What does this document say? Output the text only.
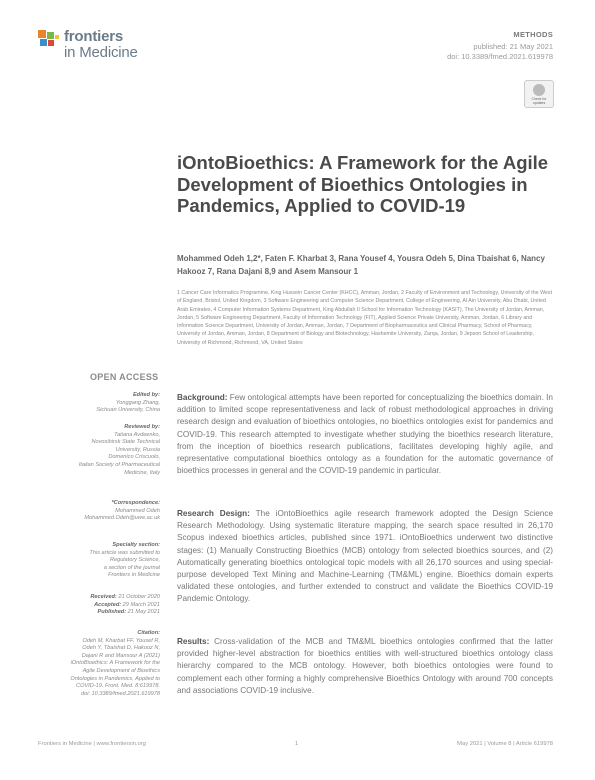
frontiers
in Medicine
METHODS
published: 21 May 2021
doi: 10.3389/fmed.2021.619978
Check for updates
iOntoBioethics: A Framework for the Agile Development of Bioethics Ontologies in Pandemics, Applied to COVID-19
Mohammed Odeh 1,2*, Faten F. Kharbat 3, Rana Yousef 4, Yousra Odeh 5, Dina Tbaishat 6, Nancy Hakooz 7, Rana Dajani 8,9 and Asem Mansour 1
1 Cancer Care Informatics Programme, King Hussein Cancer Center (KHCC), Amman, Jordan, 2 Faculty of Environment and Technology, University of the West of England, Bristol, United Kingdom, 3 Software Engineering and Computer Science Department, College of Engineering, Al Ain University, Abu Dhabi, United Arab Emirates, 4 Computer Information Systems Department, King Abdullah II School for Information Technology (KASIT), The University of Jordan, Amman, Jordan, 5 Software Engineering Department, Faculty of Information Technology (FIT), Applied Science Private University, Amman, Jordan, 6 Library and Information Science Department, University of Jordan, Amman, Jordan, 7 Department of Biopharmaceutics and Clinical Pharmacy, School of Pharmacy, University of Jordan, Amman, Jordan, 8 Department of Biology and Biotechnology, Hashemite University, Zarqa, Jordan, 9 Jepson School of Leadership, University of Richmond, Richmond, VA, United States
OPEN ACCESS
Edited by:
Yonggang Zhang,
Sichuan University, China
Reviewed by:
Tatiana Avdeenko,
Novosibirsk State Technical
University, Russia
Domenico Criscuolo,
Italian Society of Pharmaceutical
Medicine, Italy
*Correspondence:
Mohammed Odeh
Mohammed.Odeh@uwe.ac.uk
Specialty section:
This article was submitted to
Regulatory Science,
a section of the journal
Frontiers in Medicine
Received: 21 October 2020
Accepted: 29 March 2021
Published: 21 May 2021
Citation:
Odeh M, Kharbat FF, Yousef R,
Odeh Y, Tbaishat D, Hakooz N,
Dajani R and Mansour A (2021)
iOntoBioethics: A Framework for the
Agile Development of Bioethics
Ontologies in Pandemics, Applied to
COVID-19. Front. Med. 8:619978.
doi: 10.3389/fmed.2021.619978
Background: Few ontological attempts have been reported for conceptualizing the bioethics domain. In addition to limited scope representativeness and lack of robust methodological approaches in driving research design and evaluation of bioethics ontologies, no bioethics ontologies exist for pandemics and COVID-19. This research attempted to investigate whether studying the bioethics research literature, from the inception of bioethics research publications, facilitates developing highly agile, and representative computational bioethics ontology as a foundation for the automatic governance of bioethics processes in general and the COVID-19 pandemic in particular.
Research Design: The iOntoBioethics agile research framework adopted the Design Science Research Methodology. Using systematic literature mapping, the search space resulted in 26,170 Scopus indexed bioethics articles, published since 1971. iOntoBioethics underwent two distinctive stages: (1) Manually Constructing Bioethics (MCB) ontology from selected bioethics sources, and (2) Automatically generating bioethics ontological topic models with all 26,170 sources and using special-purpose developed Text Mining and Machine-Learning (TM&ML) engine. Bioethics domain experts validated these ontologies, and further extended to construct and validate the Bioethics COVID-19 Pandemic Ontology.
Results: Cross-validation of the MCB and TM&ML bioethics ontologies confirmed that the latter provided higher-level abstraction for bioethics entities with well-structured bioethics ontology class hierarchy compared to the MCB ontology. However, both bioethics ontologies were found to complement each other forming a highly comprehensive Bioethics Ontology with around 700 concepts and associations COVID-19 inclusive.
Frontiers in Medicine | www.frontiersin.org	1	May 2021 | Volume 8 | Article 619978
